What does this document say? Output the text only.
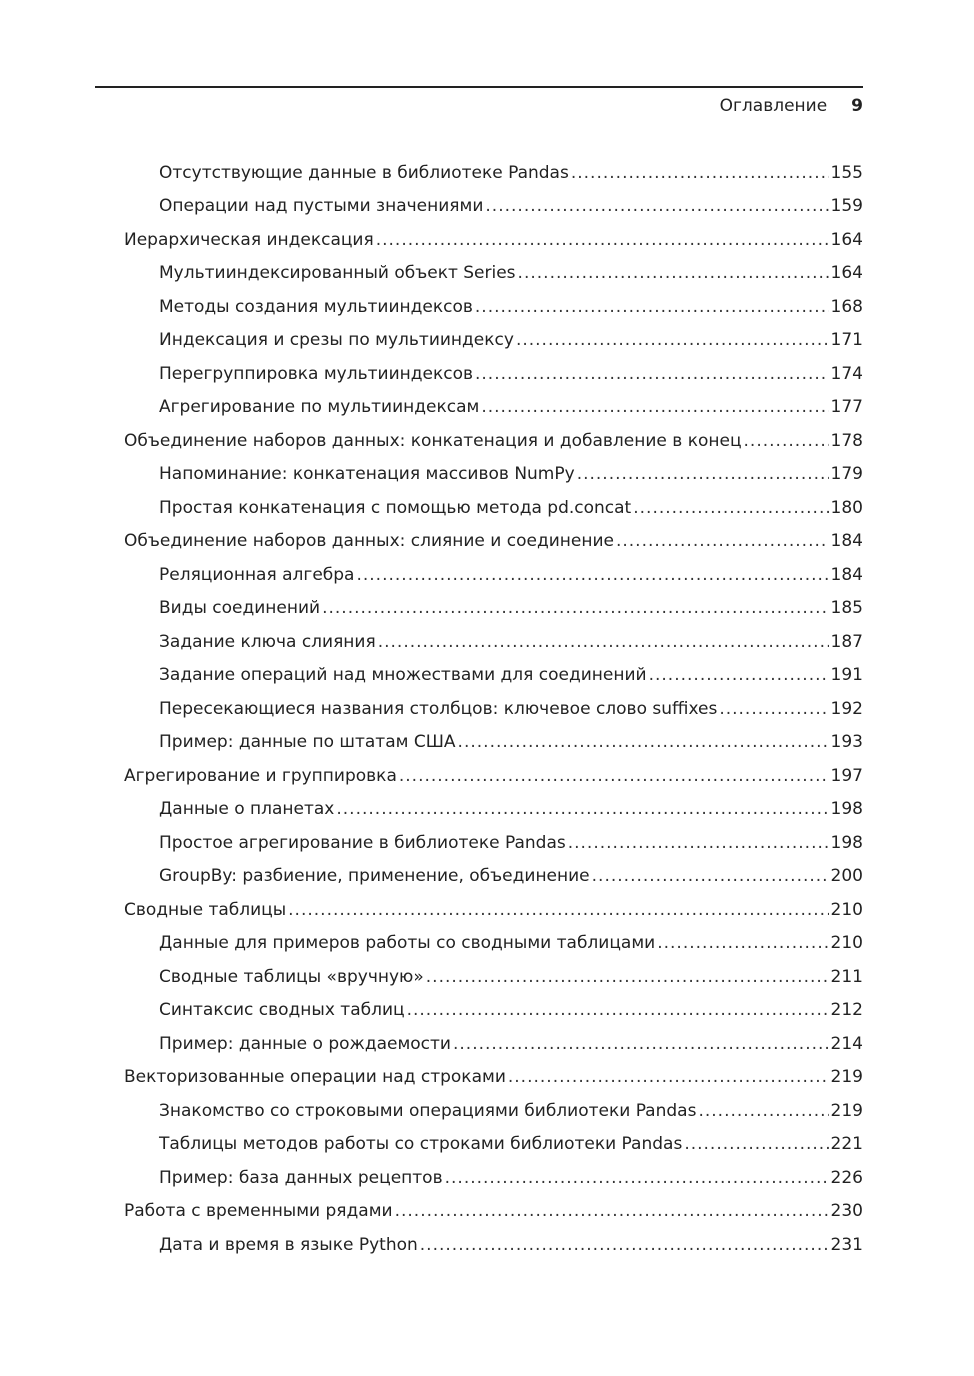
Оглавление 9
Отсутствующие данные в библиотеке Pandas .....	155
Операции над пустыми значениями .....	159
Иерархическая индексация .....	164
Мультииндексированный объект Series .....	164
Методы создания мультииндексов .....	168
Индексация и срезы по мультииндексу .....	171
Перегруппировка мультииндексов .....	174
Агрегирование по мультииндексам .....	177
Объединение наборов данных: конкатенация и добавление в конец .....	178
Напоминание: конкатенация массивов NumPy .....	179
Простая конкатенация с помощью метода pd.concat .....	180
Объединение наборов данных: слияние и соединение .....	184
Реляционная алгебра .....	184
Виды соединений .....	185
Задание ключа слияния .....	187
Задание операций над множествами для соединений .....	191
Пересекающиеся названия столбцов: ключевое слово suffixes .....	192
Пример: данные по штатам США .....	193
Агрегирование и группировка .....	197
Данные о планетах .....	198
Простое агрегирование в библиотеке Pandas .....	198
GroupBy: разбиение, применение, объединение .....	200
Сводные таблицы .....	210
Данные для примеров работы со сводными таблицами .....	210
Сводные таблицы «вручную» .....	211
Синтаксис сводных таблиц .....	212
Пример: данные о рождаемости .....	214
Векторизованные операции над строками .....	219
Знакомство со строковыми операциями библиотеки Pandas .....	219
Таблицы методов работы со строками библиотеки Pandas .....	221
Пример: база данных рецептов .....	226
Работа с временными рядами .....	230
Дата и время в языке Python .....	231
